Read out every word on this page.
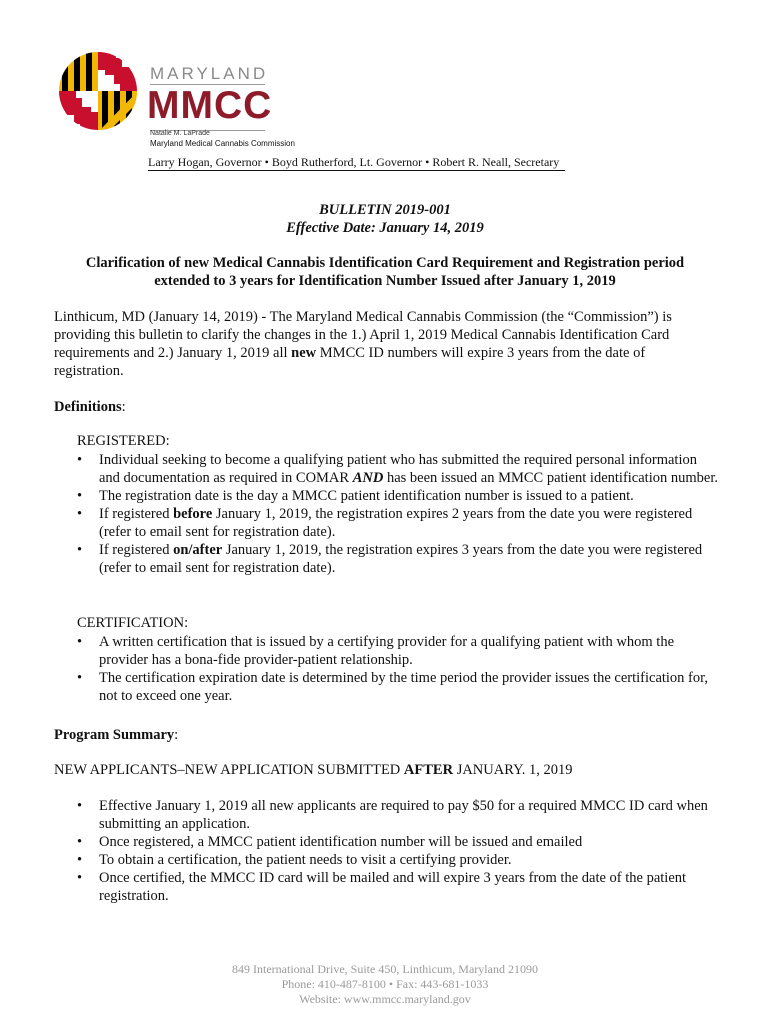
MARYLAND
MMCC
Natalie M. LaPrade
Maryland Medical Cannabis Commission
Larry Hogan, Governor • Boyd Rutherford, Lt. Governor • Robert R. Neall, Secretary
BULLETIN 2019-001
Effective Date: January 14, 2019
Clarification of new Medical Cannabis Identification Card Requirement and Registration period
extended to 3 years for Identification Number Issued after January 1, 2019
Linthicum, MD (January 14, 2019) - The Maryland Medical Cannabis Commission (the “Commission”) is providing this bulletin to clarify the changes in the 1.) April 1, 2019 Medical Cannabis Identification Card requirements and 2.) January 1, 2019 all new MMCC ID numbers will expire 3 years from the date of registration.
Definitions:
REGISTERED:
• Individual seeking to become a qualifying patient who has submitted the required personal information and documentation as required in COMAR AND has been issued an MMCC patient identification number.
• The registration date is the day a MMCC patient identification number is issued to a patient.
• If registered before January 1, 2019, the registration expires 2 years from the date you were registered (refer to email sent for registration date).
• If registered on/after January 1, 2019, the registration expires 3 years from the date you were registered (refer to email sent for registration date).
CERTIFICATION:
• A written certification that is issued by a certifying provider for a qualifying patient with whom the provider has a bona-fide provider-patient relationship.
• The certification expiration date is determined by the time period the provider issues the certification for, not to exceed one year.
Program Summary:
NEW APPLICANTS–NEW APPLICATION SUBMITTED AFTER JANUARY. 1, 2019
• Effective January 1, 2019 all new applicants are required to pay $50 for a required MMCC ID card when submitting an application.
• Once registered, a MMCC patient identification number will be issued and emailed
• To obtain a certification, the patient needs to visit a certifying provider.
• Once certified, the MMCC ID card will be mailed and will expire 3 years from the date of the patient registration.
849 International Drive, Suite 450, Linthicum, Maryland 21090
Phone: 410-487-8100 • Fax: 443-681-1033
Website: www.mmcc.maryland.gov
